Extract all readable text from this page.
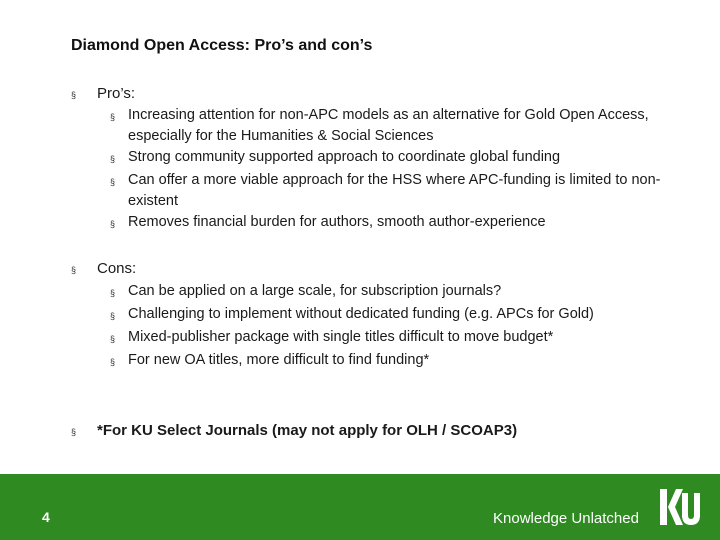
Diamond Open Access: Pro’s and con’s
§ Pro’s:
§ Increasing attention for non-APC models as an alternative for Gold Open Access, especially for the Humanities & Social Sciences
§ Strong community supported approach to coordinate global funding
§ Can offer a more viable approach for the HSS where APC-funding is limited to non-existent
§ Removes financial burden for authors, smooth author-experience
§ Cons:
§ Can be applied on a large scale, for subscription journals?
§ Challenging to implement without dedicated funding (e.g. APCs for Gold)
§ Mixed-publisher package with single titles difficult to move budget*
§ For new OA titles, more difficult to find funding*
§ *For KU Select Journals (may not apply for OLH / SCOAP3)
4	Knowledge Unlatched
